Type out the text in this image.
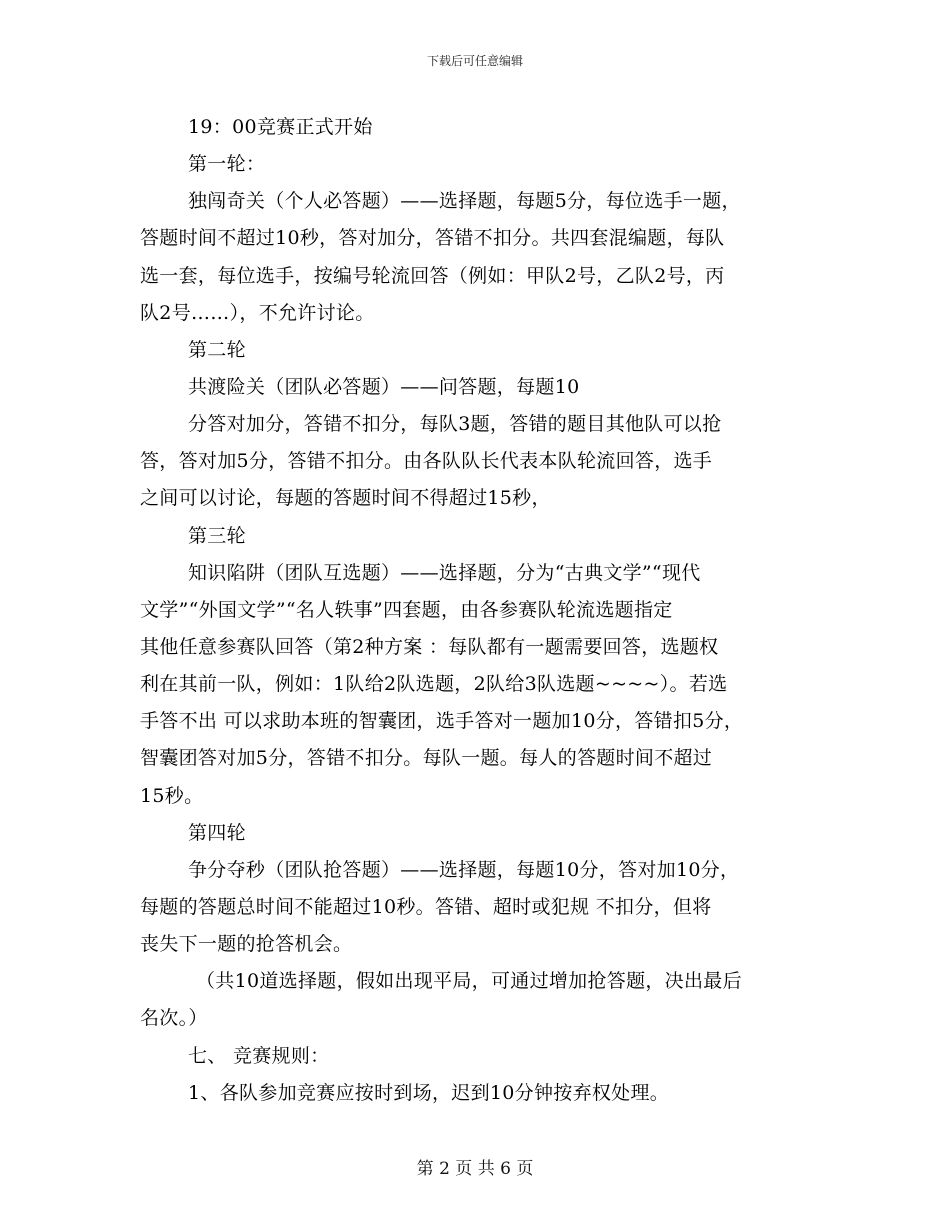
下载后可任意编辑
19：00竞赛正式开始
第一轮：
独闯奇关（个人必答题）——选择题，每题5分，每位选手一题，
答题时间不超过10秒，答对加分，答错不扣分。共四套混编题，每队
选一套，每位选手，按编号轮流回答（例如：甲队2号，乙队2号，丙
队2号……），不允许讨论。
第二轮
共渡险关（团队必答题）——问答题，每题10
分答对加分，答错不扣分，每队3题，答错的题目其他队可以抢
答，答对加5分，答错不扣分。由各队队长代表本队轮流回答，选手
之间可以讨论，每题的答题时间不得超过15秒，
第三轮
知识陷阱（团队互选题）——选择题，分为“古典文学”“现代
文学”“外国文学”“名人轶事”四套题，由各参赛队轮流选题指定
其他任意参赛队回答（第2种方案 ：每队都有一题需要回答，选题权
利在其前一队，例如：1队给2队选题，2队给3队选题~~~~）。若选
手答不出 可以求助本班的智囊团，选手答对一题加10分，答错扣5分，
智囊团答对加5分，答错不扣分。每队一题。每人的答题时间不超过
15秒。
第四轮
争分夺秒（团队抢答题）——选择题，每题10分，答对加10分，
每题的答题总时间不能超过10秒。答错、超时或犯规 不扣分，但将
丧失下一题的抢答机会。
（共10道选择题，假如出现平局，可通过增加抢答题，决出最后
名次。）
七、 竞赛规则：
1、各队参加竞赛应按时到场，迟到10分钟按弃权处理。
第 2 页 共 6 页
